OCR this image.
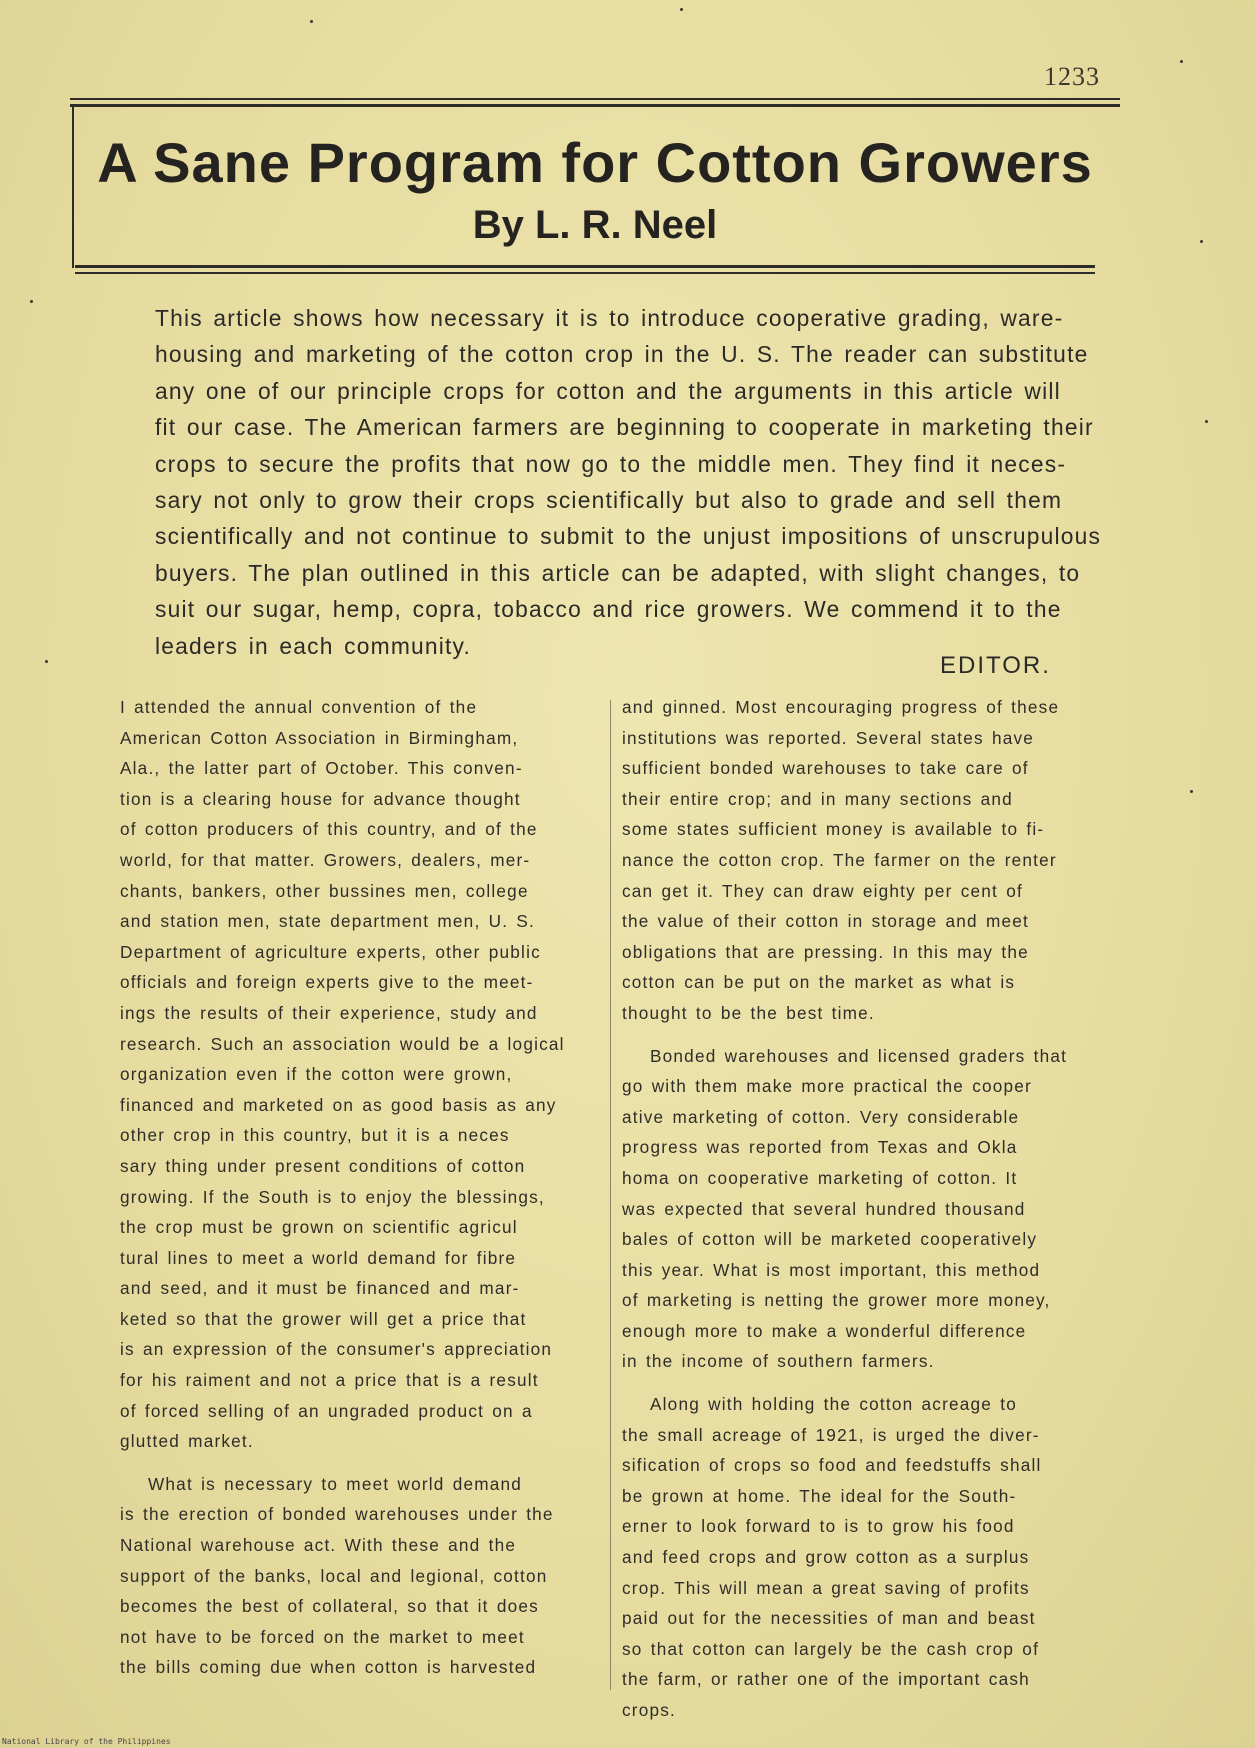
1233
A Sane Program for Cotton Growers
By L. R. Neel
This article shows how necessary it is to introduce cooperative grading, ware-
housing and marketing of the cotton crop in the U. S. The reader can substitute
any one of our principle crops for cotton and the arguments in this article will
fit our case. The American farmers are beginning to cooperate in marketing their
crops to secure the profits that now go to the middle men. They find it neces-
sary not only to grow their crops scientifically but also to grade and sell them
scientifically and not continue to submit to the unjust impositions of unscrupulous
buyers. The plan outlined in this article can be adapted, with slight changes, to
suit our sugar, hemp, copra, tobacco and rice growers. We commend it to the
leaders in each community.
EDITOR.
I attended the annual convention of the
American Cotton Association in Birmingham,
Ala., the latter part of October. This conven-
tion is a clearing house for advance thought
of cotton producers of this country, and of the
world, for that matter. Growers, dealers, mer-
chants, bankers, other bussines men, college
and station men, state department men, U. S.
Department of agriculture experts, other public
officials and foreign experts give to the meet-
ings the results of their experience, study and
research. Such an association would be a logical
organization even if the cotton were grown,
financed and marketed on as good basis as any
other crop in this country, but it is a neces
sary thing under present conditions of cotton
growing. If the South is to enjoy the blessings,
the crop must be grown on scientific agricul
tural lines to meet a world demand for fibre
and seed, and it must be financed and mar-
keted so that the grower will get a price that
is an expression of the consumer's appreciation
for his raiment and not a price that is a result
of forced selling of an ungraded product on a
glutted market.
What is necessary to meet world demand
is the erection of bonded warehouses under the
National warehouse act. With these and the
support of the banks, local and legional, cotton
becomes the best of collateral, so that it does
not have to be forced on the market to meet
the bills coming due when cotton is harvested
and ginned. Most encouraging progress of these
institutions was reported. Several states have
sufficient bonded warehouses to take care of
their entire crop; and in many sections and
some states sufficient money is available to fi-
nance the cotton crop. The farmer on the renter
can get it. They can draw eighty per cent of
the value of their cotton in storage and meet
obligations that are pressing. In this may the
cotton can be put on the market as what is
thought to be the best time.
Bonded warehouses and licensed graders that
go with them make more practical the cooper
ative marketing of cotton. Very considerable
progress was reported from Texas and Okla
homa on cooperative marketing of cotton. It
was expected that several hundred thousand
bales of cotton will be marketed cooperatively
this year. What is most important, this method
of marketing is netting the grower more money,
enough more to make a wonderful difference
in the income of southern farmers.
Along with holding the cotton acreage to
the small acreage of 1921, is urged the diver-
sification of crops so food and feedstuffs shall
be grown at home. The ideal for the South-
erner to look forward to is to grow his food
and feed crops and grow cotton as a surplus
crop. This will mean a great saving of profits
paid out for the necessities of man and beast
so that cotton can largely be the cash crop of
the farm, or rather one of the important cash
crops.
National Library of the Philippines
